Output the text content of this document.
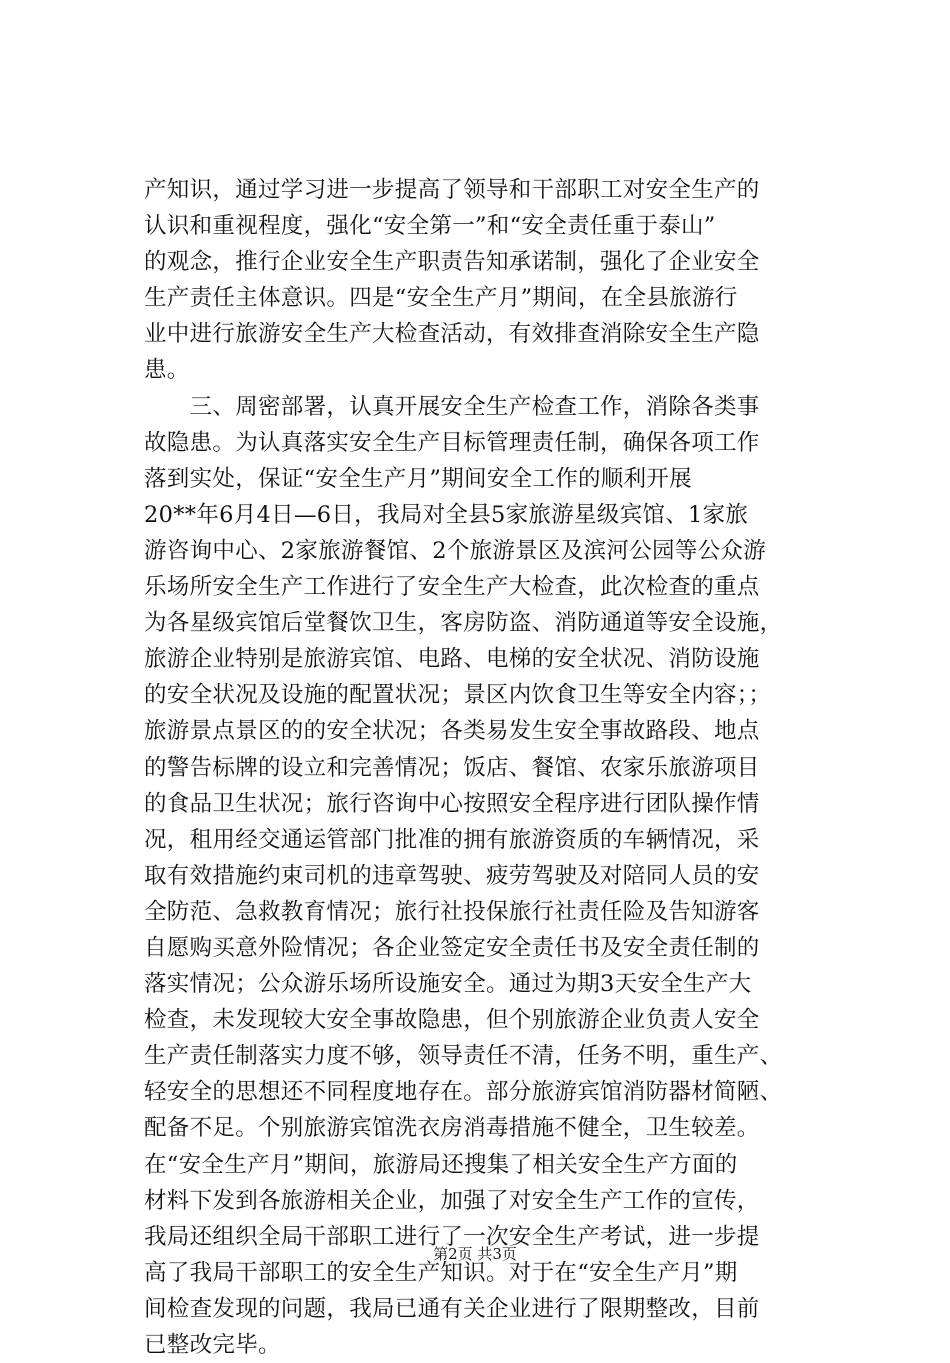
产知识，通过学习进一步提高了领导和干部职工对安全生产的
认识和重视程度，强化“安全第一”和“安全责任重于泰山”
的观念，推行企业安全生产职责告知承诺制，强化了企业安全
生产责任主体意识。四是“安全生产月”期间，在全县旅游行
业中进行旅游安全生产大检查活动，有效排查消除安全生产隐
患。
　　三、周密部署，认真开展安全生产检查工作，消除各类事
故隐患。为认真落实安全生产目标管理责任制，确保各项工作
落到实处，保证“安全生产月”期间安全工作的顺利开展
20**年6月4日—6日，我局对全县5家旅游星级宾馆、1家旅
游咨询中心、2家旅游餐馆、2个旅游景区及滨河公园等公众游
乐场所安全生产工作进行了安全生产大检查，此次检查的重点
为各星级宾馆后堂餐饮卫生，客房防盗、消防通道等安全设施，
旅游企业特别是旅游宾馆、电路、电梯的安全状况、消防设施
的安全状况及设施的配置状况；景区内饮食卫生等安全内容；；
旅游景点景区的的安全状况；各类易发生安全事故路段、地点
的警告标牌的设立和完善情况；饭店、餐馆、农家乐旅游项目
的食品卫生状况；旅行咨询中心按照安全程序进行团队操作情
况，租用经交通运管部门批准的拥有旅游资质的车辆情况，采
取有效措施约束司机的违章驾驶、疲劳驾驶及对陪同人员的安
全防范、急救教育情况；旅行社投保旅行社责任险及告知游客
自愿购买意外险情况；各企业签定安全责任书及安全责任制的
落实情况；公众游乐场所设施安全。通过为期3天安全生产大
检查，未发现较大安全事故隐患，但个别旅游企业负责人安全
生产责任制落实力度不够，领导责任不清，任务不明，重生产、
轻安全的思想还不同程度地存在。部分旅游宾馆消防器材简陋、
配备不足。个别旅游宾馆洗衣房消毒措施不健全，卫生较差。
在“安全生产月”期间，旅游局还搜集了相关安全生产方面的
材料下发到各旅游相关企业，加强了对安全生产工作的宣传，
我局还组织全局干部职工进行了一次安全生产考试，进一步提
高了我局干部职工的安全生产知识。对于在“安全生产月”期
间检查发现的问题，我局已通有关企业进行了限期整改，目前
已整改完毕。
第2页 共3页
